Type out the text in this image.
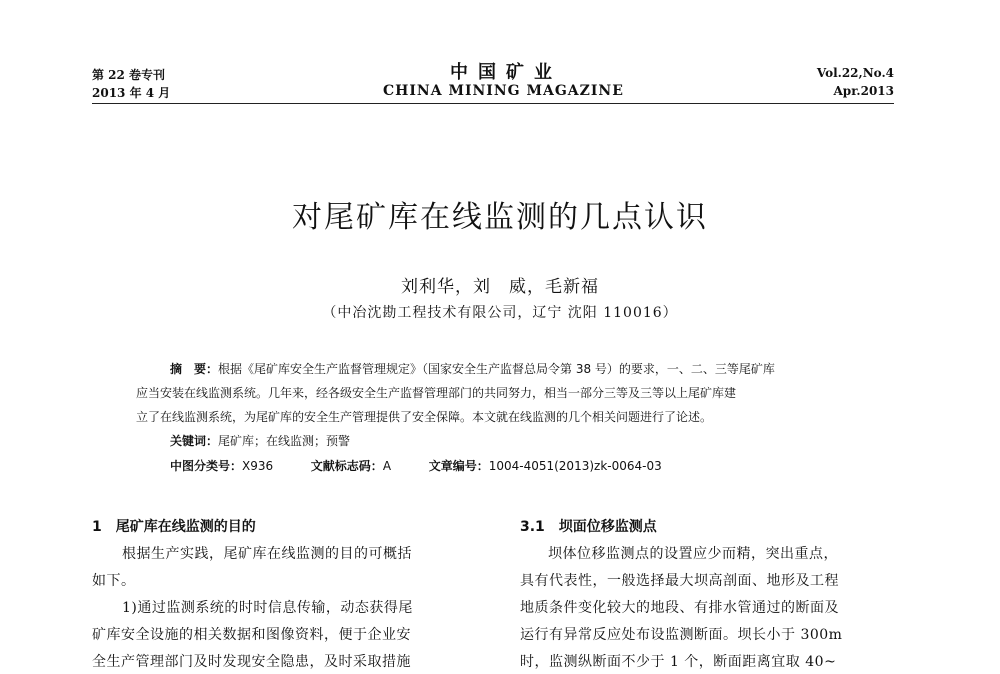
第 22 卷专刊
2013 年 4 月
中国矿业
CHINA MINING MAGAZINE
Vol.22,No.4
Apr.2013
对尾矿库在线监测的几点认识
刘利华，刘　威，毛新福
（中冶沈勘工程技术有限公司，辽宁 沈阳 110016）
摘　要：根据《尾矿库安全生产监督管理规定》（国家安全生产监督总局令第 38 号）的要求，一、二、三等尾矿库
应当安装在线监测系统。几年来，经各级安全生产监督管理部门的共同努力，相当一部分三等及三等以上尾矿库建
立了在线监测系统，为尾矿库的安全生产管理提供了安全保障。本文就在线监测的几个相关问题进行了论述。
关键词：尾矿库；在线监测；预警
中图分类号：X936	文献标志码：A	文章编号：1004-4051(2013)zk-0064-03
1　尾矿库在线监测的目的
根据生产实践，尾矿库在线监测的目的可概括
如下。
1)通过监测系统的时时信息传输，动态获得尾
矿库安全设施的相关数据和图像资料，便于企业安
全生产管理部门及时发现安全隐患，及时采取措施
3.1　坝面位移监测点
坝体位移监测点的设置应少而精，突出重点，
具有代表性，一般选择最大坝高剖面、地形及工程
地质条件变化较大的地段、有排水管通过的断面及
运行有异常反应处布设监测断面。坝长小于 300m
时，监测纵断面不少于 1 个，断面距离宜取 40~
